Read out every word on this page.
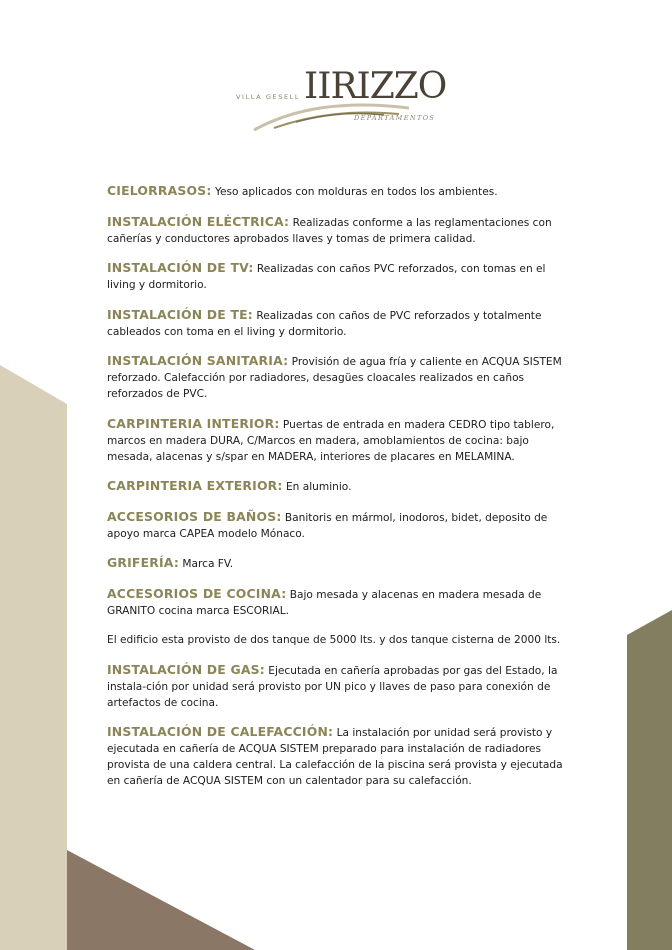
IIRIZZO
VILLA GESELL
DEPARTAMENTOS

CIELORRASOS: Yeso aplicados con molduras en todos los ambientes.

INSTALACIÓN ELÉCTRICA: Realizadas conforme a las reglamentaciones con cañerías y conductores aprobados llaves y tomas de primera calidad.

INSTALACIÓN DE TV: Realizadas con caños PVC reforzados, con tomas en el living y dormitorio.

INSTALACIÓN DE TE: Realizadas con caños de PVC reforzados y totalmente cableados con toma en el living y dormitorio.

INSTALACIÓN SANITARIA: Provisión de agua fría y caliente en ACQUA SISTEM reforzado. Calefacción por radiadores, desagües cloacales realizados en caños reforzados de PVC.

CARPINTERIA INTERIOR: Puertas de entrada en madera CEDRO tipo tablero, marcos en madera DURA, C/Marcos en madera, amoblamientos de cocina: bajo mesada, alacenas y s/spar en MADERA, interiores de placares en MELAMINA.

CARPINTERIA EXTERIOR: En aluminio.

ACCESORIOS DE BAÑOS: Banitoris en mármol, inodoros, bidet, deposito de apoyo marca CAPEA modelo Mónaco.

GRIFERÍA: Marca FV.

ACCESORIOS DE COCINA: Bajo mesada y alacenas en madera mesada de GRANITO cocina marca ESCORIAL.

El edificio esta provisto de dos tanque de 5000 lts. y dos tanque cisterna de 2000 lts.

INSTALACIÓN DE GAS: Ejecutada en cañería aprobadas por gas del Estado, la instala-ción por unidad será provisto por UN pico y llaves de paso para conexión de artefactos de cocina.

INSTALACIÓN DE CALEFACCIÓN: La instalación por unidad será provisto y ejecutada en cañería de ACQUA SISTEM preparado para instalación de radiadores provista de una caldera central. La calefacción de la piscina será provista y ejecutada en cañería de ACQUA SISTEM con un calentador para su calefacción.
